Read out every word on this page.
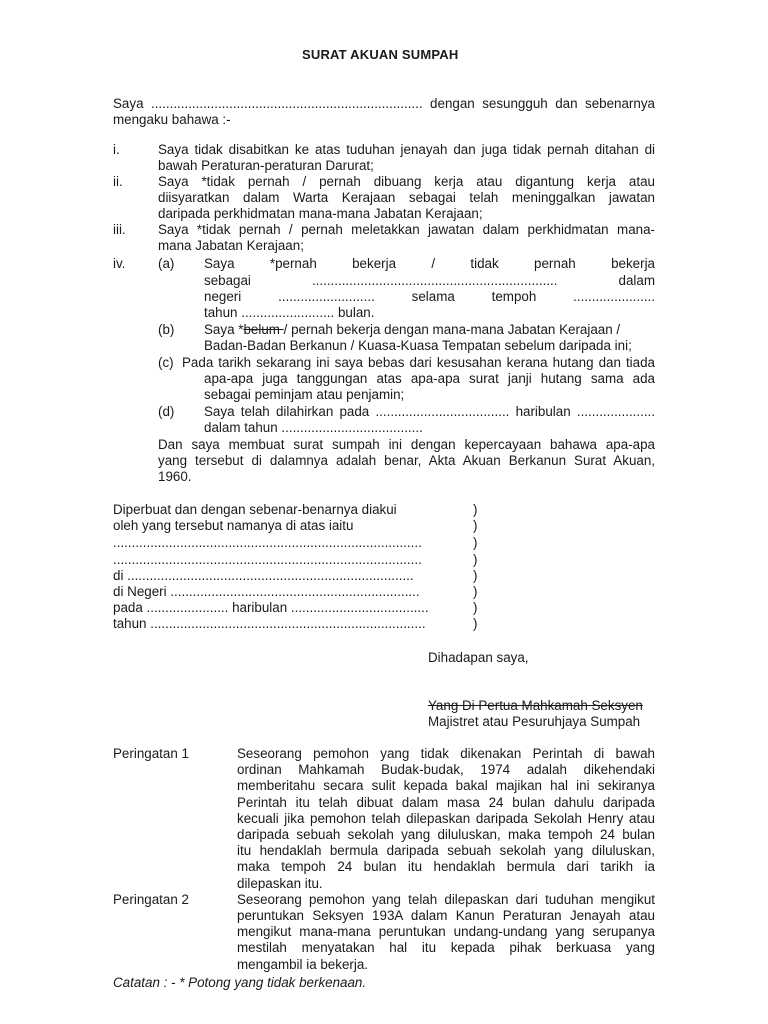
SURAT AKUAN SUMPAH
Saya ......................................................................... dengan sesungguh dan sebenarnya
mengaku bahawa :-
i.	Saya tidak disabitkan ke atas tuduhan jenayah dan juga tidak pernah ditahan di
bawah Peraturan-peraturan Darurat;
ii.	Saya *tidak pernah / pernah dibuang kerja atau digantung kerja atau
diisyaratkan dalam Warta Kerajaan sebagai telah meninggalkan jawatan
daripada perkhidmatan mana-mana Jabatan Kerajaan;
iii. Saya *tidak pernah / pernah meletakkan jawatan dalam perkhidmatan mana-
mana Jabatan Kerajaan;
iv. (a) Saya *pernah bekerja / tidak pernah bekerja
sebagai .................................................................. dalam
negeri .......................... selama tempoh ......................
tahun ......................... bulan.
(b) Saya *belum / pernah bekerja dengan mana-mana Jabatan Kerajaan /
Badan-Badan Berkanun / Kuasa-Kuasa Tempatan sebelum daripada ini;
(c) Pada tarikh sekarang ini saya bebas dari kesusahan kerana hutang dan tiada
apa-apa juga tanggungan atas apa-apa surat janji hutang sama ada
sebagai peminjam atau penjamin;
(d) Saya telah dilahirkan pada .................................... haribulan .....................
dalam tahun ......................................
Dan saya membuat surat sumpah ini dengan kepercayaan bahawa apa-apa
yang tersebut di dalamnya adalah benar, Akta Akuan Berkanun Surat Akuan,
1960.
Diperbuat dan dengan sebenar-benarnya diakui	)
oleh yang tersebut namanya di atas iaitu	)
...................................................................................	)
...................................................................................	)
di .............................................................................	)
di Negeri ...................................................................	)
pada ...................... haribulan .....................................	)
tahun ..........................................................................	)
Dihadapan saya,
Yang Di Pertua Mahkamah Seksyen
Majistret atau Pesuruhjaya Sumpah
Peringatan 1	Seseorang pemohon yang tidak dikenakan Perintah di bawah
ordinan Mahkamah Budak-budak, 1974 adalah dikehendaki
memberitahu secara sulit kepada bakal majikan hal ini sekiranya
Perintah itu telah dibuat dalam masa 24 bulan dahulu daripada
kecuali jika pemohon telah dilepaskan daripada Sekolah Henry atau
daripada sebuah sekolah yang diluluskan, maka tempoh 24 bulan
itu hendaklah bermula daripada sebuah sekolah yang diluluskan,
maka tempoh 24 bulan itu hendaklah bermula dari tarikh ia
dilepaskan itu.
Peringatan 2	Seseorang pemohon yang telah dilepaskan dari tuduhan mengikut
peruntukan Seksyen 193A dalam Kanun Peraturan Jenayah atau
mengikut mana-mana peruntukan undang-undang yang serupanya
mestilah menyatakan hal itu kepada pihak berkuasa yang
mengambil ia bekerja.
Catatan : - * Potong yang tidak berkenaan.
